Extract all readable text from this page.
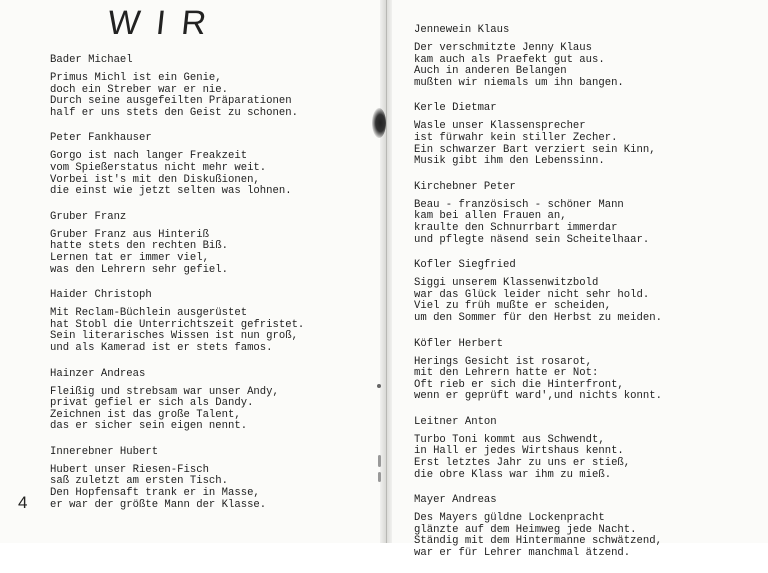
WIR
Bader Michael
Primus Michl ist ein Genie,
doch ein Streber war er nie.
Durch seine ausgefeilten Präparationen
half er uns stets den Geist zu schonen.
Peter Fankhauser
Gorgo ist nach langer Freakzeit
vom Spießerstatus nicht mehr weit.
Vorbei ist's mit den Diskußionen,
die einst wie jetzt selten was lohnen.
Gruber Franz
Gruber Franz aus Hinteriß
hatte stets den rechten Biß.
Lernen tat er immer viel,
was den Lehrern sehr gefiel.
Haider Christoph
Mit Reclam-Büchlein ausgerüstet
hat Stobl die Unterrichtszeit gefristet.
Sein literarisches Wissen ist nun groß,
und als Kamerad ist er stets famos.
Hainzer Andreas
Fleißig und strebsam war unser Andy,
privat gefiel er sich als Dandy.
Zeichnen ist das große Talent,
das er sicher sein eigen nennt.
Innerebner Hubert
Hubert unser Riesen-Fisch
saß zuletzt am ersten Tisch.
Den Hopfensaft trank er in Masse,
er war der größte Mann der Klasse.
4
Jennewein Klaus
Der verschmitzte Jenny Klaus
kam auch als Praefekt gut aus.
Auch in anderen Belangen
mußten wir niemals um ihn bangen.
Kerle Dietmar
Wasle unser Klassensprecher
ist fürwahr kein stiller Zecher.
Ein schwarzer Bart verziert sein Kinn,
Musik gibt ihm den Lebenssinn.
Kirchebner Peter
Beau - französisch - schöner Mann
kam bei allen Frauen an,
kraulte den Schnurrbart immerdar
und pflegte näsend sein Scheitelhaar.
Kofler Siegfried
Siggi unserem Klassenwitzbold
war das Glück leider nicht sehr hold.
Viel zu früh mußte er scheiden,
um den Sommer für den Herbst zu meiden.
Köfler Herbert
Herings Gesicht ist rosarot,
mit den Lehrern hatte er Not:
Oft rieb er sich die Hinterfront,
wenn er geprüft ward',und nichts konnt.
Leitner Anton
Turbo Toni kommt aus Schwendt,
in Hall er jedes Wirtshaus kennt.
Erst letztes Jahr zu uns er stieß,
die obre Klass war ihm zu mieß.
Mayer Andreas
Des Mayers güldne Lockenpracht
glänzte auf dem Heimweg jede Nacht.
Ständig mit dem Hintermanne schwätzend,
war er für Lehrer manchmal ätzend.
